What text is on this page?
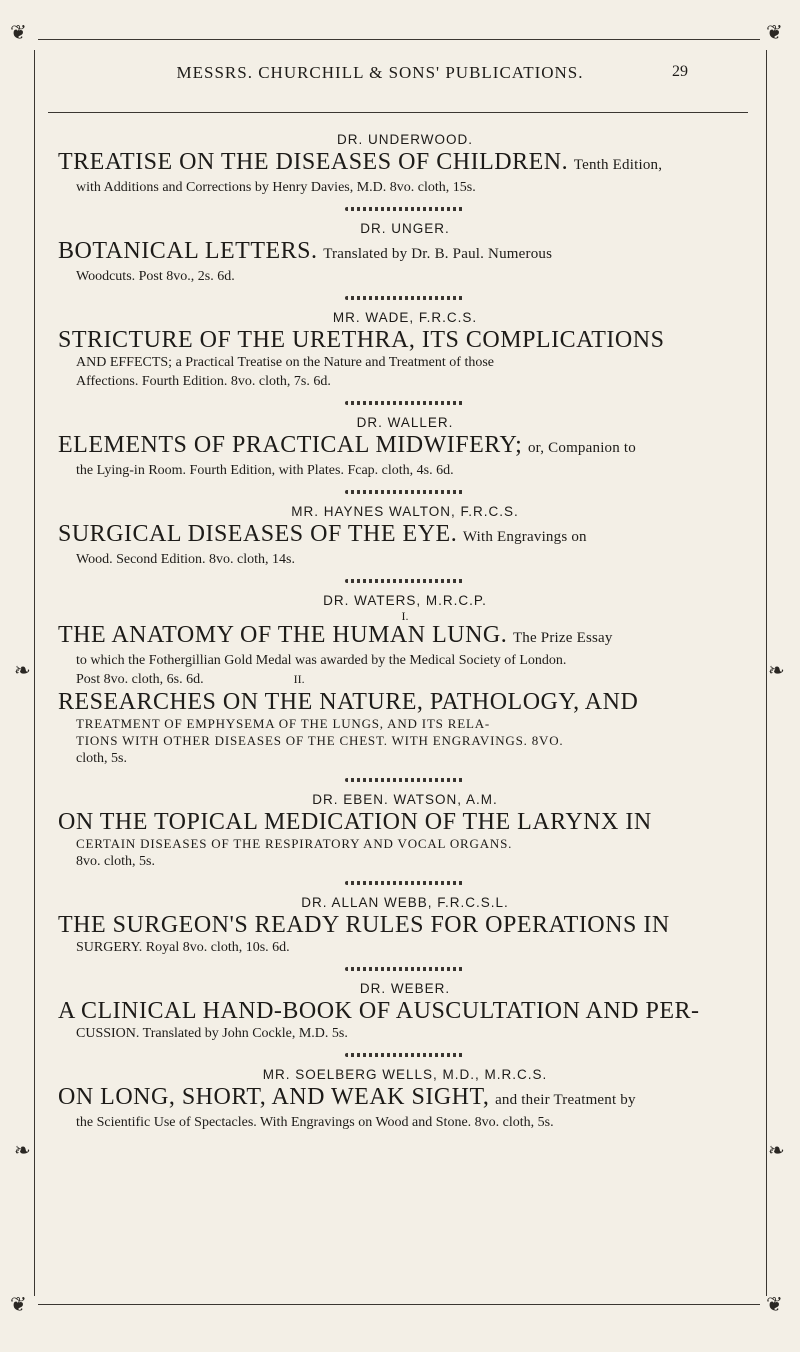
❦	❦
❦	❦
❧	❧
❧	❧
MESSRS. CHURCHILL & SONS' PUBLICATIONS.	29

DR. UNDERWOOD.

TREATISE ON THE DISEASES OF CHILDREN. Tenth Edition,

with Additions and Corrections by Henry Davies, M.D. 8vo. cloth, 15s.

DR. UNGER.

BOTANICAL LETTERS. Translated by Dr. B. Paul. Numerous

Woodcuts. Post 8vo., 2s. 6d.

MR. WADE, F.R.C.S.

STRICTURE OF THE URETHRA, ITS COMPLICATIONS

AND EFFECTS; a Practical Treatise on the Nature and Treatment of those

Affections. Fourth Edition. 8vo. cloth, 7s. 6d.

DR. WALLER.

ELEMENTS OF PRACTICAL MIDWIFERY; or, Companion to

the Lying-in Room. Fourth Edition, with Plates. Fcap. cloth, 4s. 6d.

MR. HAYNES WALTON, F.R.C.S.

SURGICAL DISEASES OF THE EYE. With Engravings on

Wood. Second Edition. 8vo. cloth, 14s.

DR. WATERS, M.R.C.P.

I.

THE ANATOMY OF THE HUMAN LUNG. The Prize Essay

to which the Fothergillian Gold Medal was awarded by the Medical Society of London.

Post 8vo. cloth, 6s. 6d.	II.

RESEARCHES ON THE NATURE, PATHOLOGY, AND

TREATMENT OF EMPHYSEMA OF THE LUNGS, AND ITS RELA-

TIONS WITH OTHER DISEASES OF THE CHEST. WITH ENGRAVINGS. 8VO.

cloth, 5s.

DR. EBEN. WATSON, A.M.

ON THE TOPICAL MEDICATION OF THE LARYNX IN

CERTAIN DISEASES OF THE RESPIRATORY AND VOCAL ORGANS.

8vo. cloth, 5s.

DR. ALLAN WEBB, F.R.C.S.L.

THE SURGEON'S READY RULES FOR OPERATIONS IN

SURGERY. Royal 8vo. cloth, 10s. 6d.

DR. WEBER.

A CLINICAL HAND-BOOK OF AUSCULTATION AND PER-

CUSSION. Translated by John Cockle, M.D. 5s.

MR. SOELBERG WELLS, M.D., M.R.C.S.

ON LONG, SHORT, AND WEAK SIGHT, and their Treatment by

the Scientific Use of Spectacles. With Engravings on Wood and Stone. 8vo. cloth, 5s.
